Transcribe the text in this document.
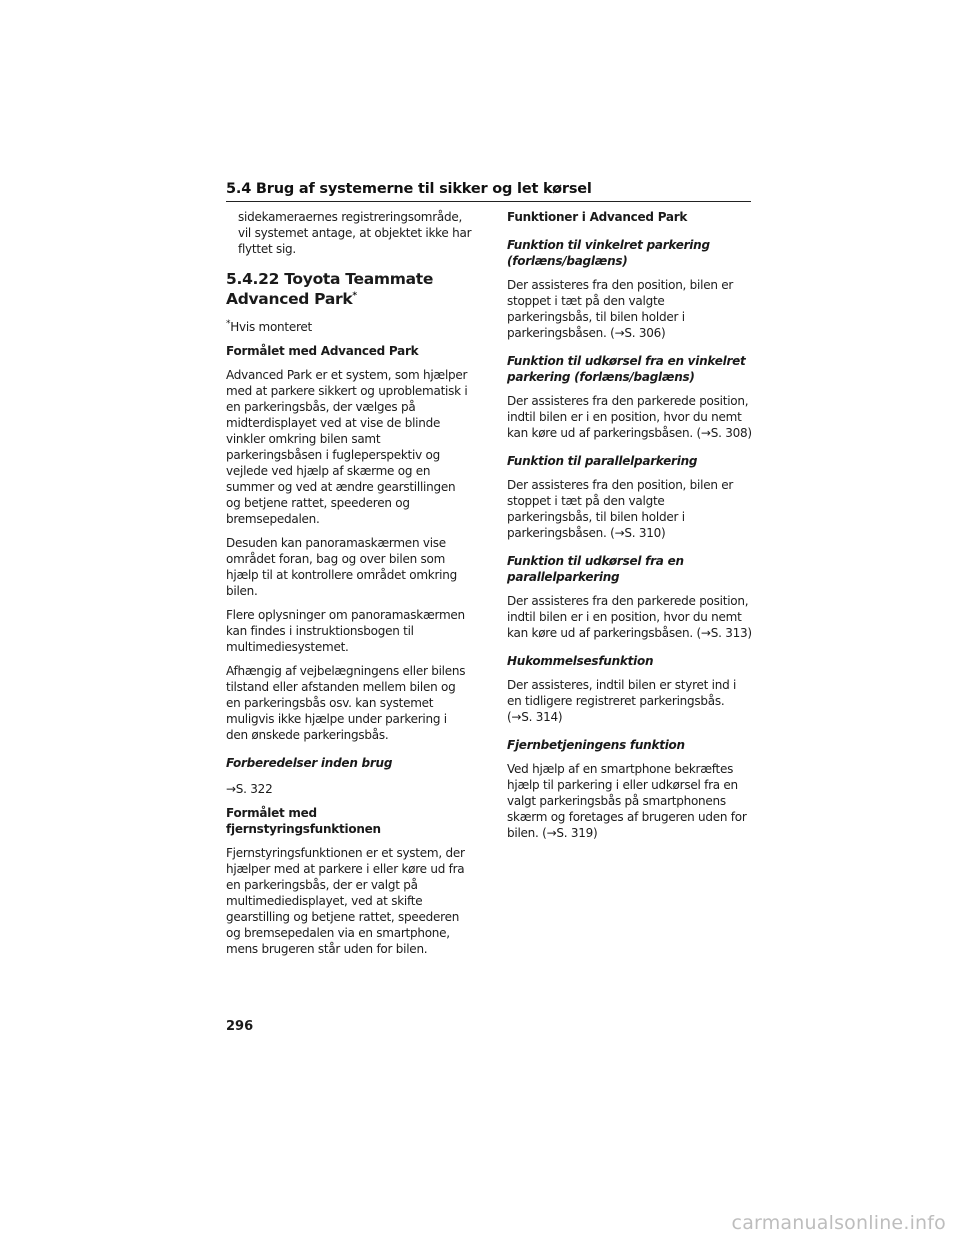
5.4 Brug af systemerne til sikker og let kørsel

sidekameraernes registreringsområde, vil systemet antage, at objektet ikke har flyttet sig.

5.4.22 Toyota Teammate Advanced Park*

*Hvis monteret

Formålet med Advanced Park

Advanced Park er et system, som hjælper med at parkere sikkert og uproblematisk i en parkeringsbås, der vælges på midterdisplayet ved at vise de blinde vinkler omkring bilen samt parkeringsbåsen i fugleperspektiv og vejlede ved hjælp af skærme og en summer og ved at ændre gearstillingen og betjene rattet, speederen og bremsepedalen.

Desuden kan panoramaskærmen vise området foran, bag og over bilen som hjælp til at kontrollere området omkring bilen.

Flere oplysninger om panoramaskærmen kan findes i instruktionsbogen til multimediesystemet.

Afhængig af vejbelægningens eller bilens tilstand eller afstanden mellem bilen og en parkeringsbås osv. kan systemet muligvis ikke hjælpe under parkering i den ønskede parkeringsbås.

Forberedelser inden brug

→S. 322

Formålet med fjernstyringsfunktionen

Fjernstyringsfunktionen er et system, der hjælper med at parkere i eller køre ud fra en parkeringsbås, der er valgt på multimediedisplayet, ved at skifte gearstilling og betjene rattet, speederen og bremsepedalen via en smartphone, mens brugeren står uden for bilen.

Funktioner i Advanced Park
Funktion til vinkelret parkering (forlæns/baglæns)

Der assisteres fra den position, bilen er stoppet i tæt på den valgte parkeringsbås, til bilen holder i parkeringsbåsen. (→S. 306)

Funktion til udkørsel fra en vinkelret parkering (forlæns/baglæns)

Der assisteres fra den parkerede position, indtil bilen er i en position, hvor du nemt kan køre ud af parkeringsbåsen. (→S. 308)

Funktion til parallelparkering

Der assisteres fra den position, bilen er stoppet i tæt på den valgte parkeringsbås, til bilen holder i parkeringsbåsen. (→S. 310)

Funktion til udkørsel fra en parallelparkering

Der assisteres fra den parkerede position, indtil bilen er i en position, hvor du nemt kan køre ud af parkeringsbåsen. (→S. 313)

Hukommelsesfunktion

Der assisteres, indtil bilen er styret ind i en tidligere registreret parkeringsbås. (→S. 314)

Fjernbetjeningens funktion

Ved hjælp af en smartphone bekræftes hjælp til parkering i eller udkørsel fra en valgt parkeringsbås på smartphonens skærm og foretages af brugeren uden for bilen. (→S. 319)

296
carmanualsonline.info
